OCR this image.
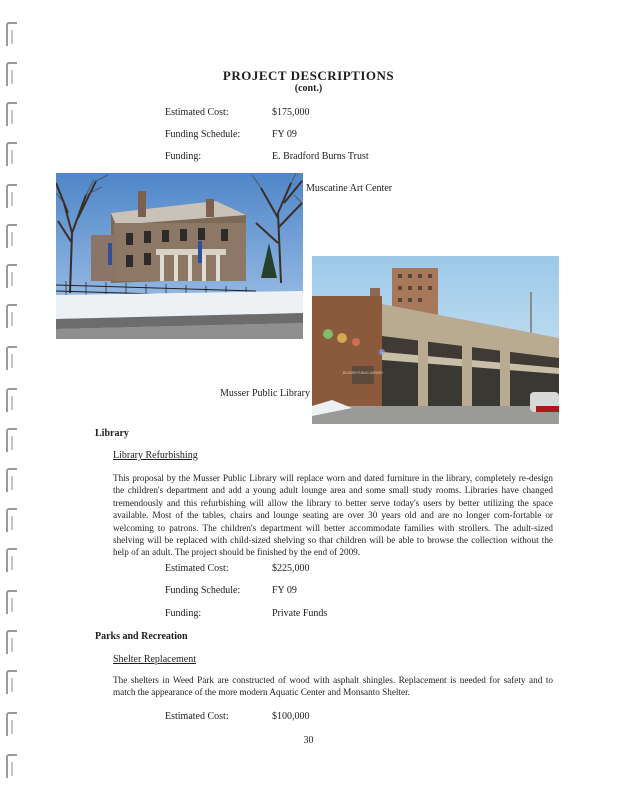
PROJECT DESCRIPTIONS
(cont.)
Estimated Cost:	$175,000
Funding Schedule:	FY 09
Funding:	E. Bradford Burns Trust
Muscatine Art Center
MUSSER PUBLIC LIBRARY
Musser Public Library
Library
Library Refurbishing

This proposal by the Musser Public Library will replace worn and dated furniture in the library, completely re-design the children's department and add a young adult lounge area and some small study rooms. Libraries have changed tremendously and this refurbishing will allow the library to better serve today's users by better utilizing the space available. Most of the tables, chairs and lounge seating are over 30 years old and are no longer com-fortable or welcoming to patrons. The children's department will better accommodate families with strollers. The adult-sized shelving will be replaced with child-sized shelving so that children will be able to browse the collection without the help of an adult. The project should be finished by the end of 2009.

Estimated Cost:	$225,000
Funding Schedule:	FY 09
Funding:	Private Funds
Parks and Recreation
Shelter Replacement

The shelters in Weed Park are constructed of wood with asphalt shingles. Replacement is needed for safety and to match the appearance of the more modern Aquatic Center and Monsanto Shelter.

Estimated Cost:	$100,000
30
